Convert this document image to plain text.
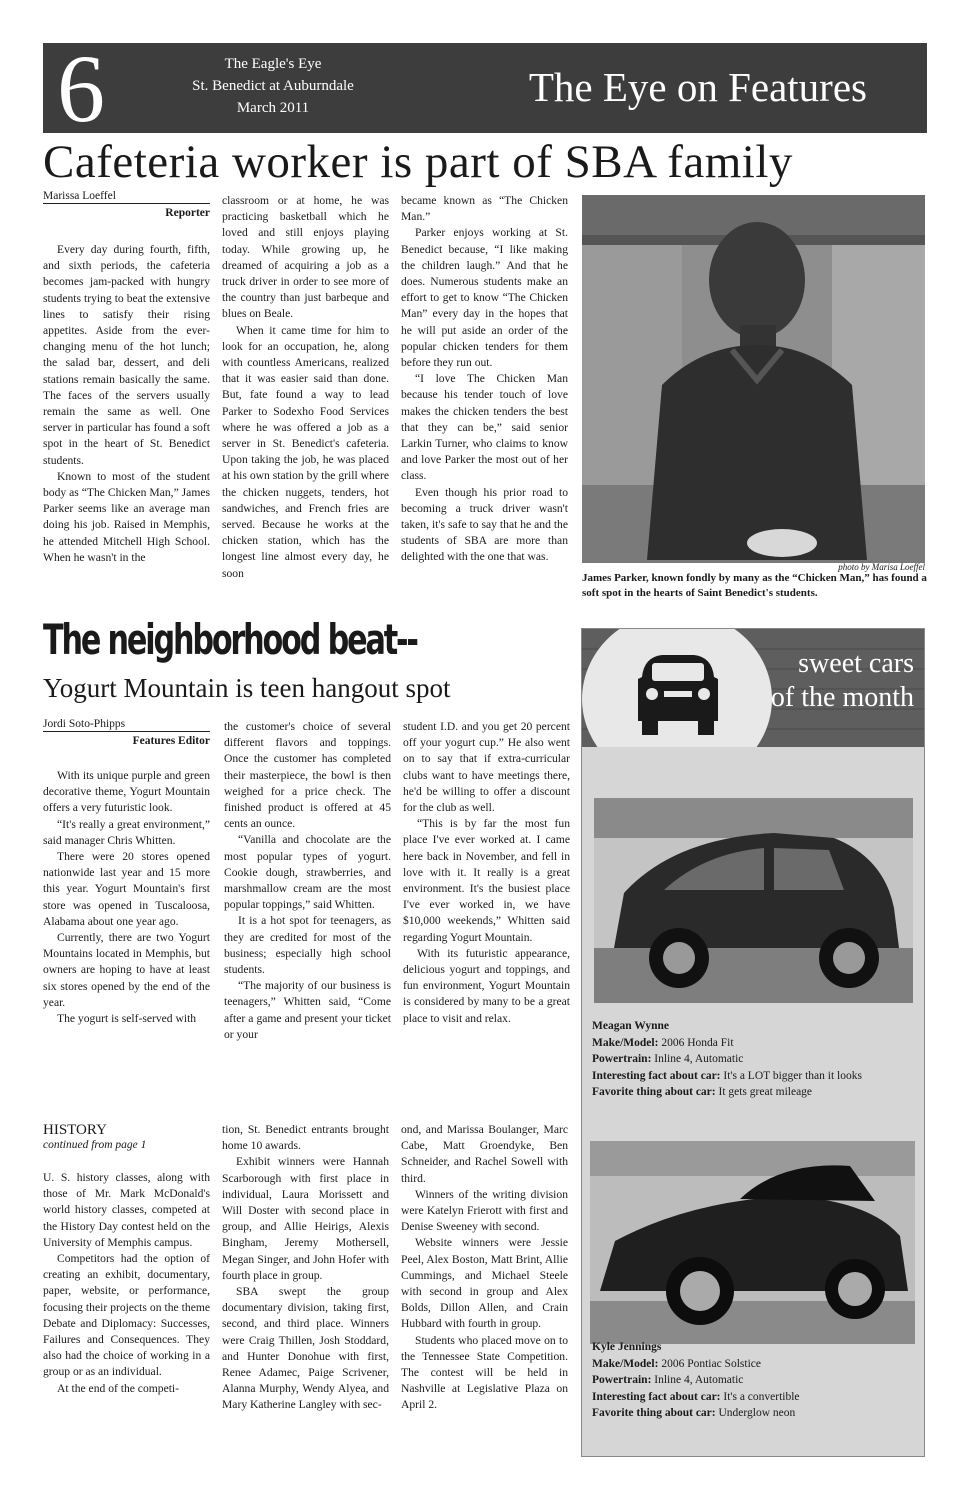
6	The Eagle's Eye
St. Benedict at Auburndale
March 2011	The Eye on Features
Cafeteria worker is part of SBA family
Marissa Loeffel
Reporter

Every day during fourth, fifth, and sixth periods, the cafeteria becomes jam-packed with hungry students trying to beat the extensive lines to satisfy their rising appetites. Aside from the ever-changing menu of the hot lunch; the salad bar, dessert, and deli stations remain basically the same. The faces of the servers usually remain the same as well. One server in particular has found a soft spot in the heart of St. Benedict students.

Known to most of the student body as “The Chicken Man,” James Parker seems like an average man doing his job. Raised in Memphis, he attended Mitchell High School. When he wasn't in the

classroom or at home, he was practicing basketball which he loved and still enjoys playing today. While growing up, he dreamed of acquiring a job as a truck driver in order to see more of the country than just barbeque and blues on Beale.

When it came time for him to look for an occupation, he, along with countless Americans, realized that it was easier said than done. But, fate found a way to lead Parker to Sodexho Food Services where he was offered a job as a server in St. Benedict's cafeteria. Upon taking the job, he was placed at his own station by the grill where the chicken nuggets, tenders, hot sandwiches, and French fries are served. Because he works at the chicken station, which has the longest line almost every day, he soon

became known as “The Chicken Man.”

Parker enjoys working at St. Benedict because, “I like making the children laugh.” And that he does. Numerous students make an effort to get to know “The Chicken Man” every day in the hopes that he will put aside an order of the popular chicken tenders for them before they run out.

“I love The Chicken Man because his tender touch of love makes the chicken tenders the best that they can be,” said senior Larkin Turner, who claims to know and love Parker the most out of her class.

Even though his prior road to becoming a truck driver wasn't taken, it's safe to say that he and the students of SBA are more than delighted with the one that was.

photo by Marisa Loeffel
James Parker, known fondly by many as the “Chicken Man,” has found a soft spot in the hearts of Saint Benedict's students.
The neighborhood beat--
Yogurt Mountain is teen hangout spot
Jordi Soto-Phipps
Features Editor

With its unique purple and green decorative theme, Yogurt Mountain offers a very futuristic look.

“It's really a great environment,” said manager Chris Whitten.

There were 20 stores opened nationwide last year and 15 more this year. Yogurt Mountain's first store was opened in Tuscaloosa, Alabama about one year ago.

Currently, there are two Yogurt Mountains located in Memphis, but owners are hoping to have at least six stores opened by the end of the year.

The yogurt is self-served with

the customer's choice of several different flavors and toppings. Once the customer has completed their masterpiece, the bowl is then weighed for a price check. The finished product is offered at 45 cents an ounce.

“Vanilla and chocolate are the most popular types of yogurt. Cookie dough, strawberries, and marshmallow cream are the most popular toppings,” said Whitten.

It is a hot spot for teenagers, as they are credited for most of the business; especially high school students.

“The majority of our business is teenagers,” Whitten said, “Come after a game and present your ticket or your

student I.D. and you get 20 percent off your yogurt cup.” He also went on to say that if extra-curricular clubs want to have meetings there, he'd be willing to offer a discount for the club as well.

“This is by far the most fun place I've ever worked at. I came here back in November, and fell in love with it. It really is a great environment. It's the busiest place I've ever worked in, we have $10,000 weekends,” Whitten said regarding Yogurt Mountain.

With its futuristic appearance, delicious yogurt and toppings, and fun environment, Yogurt Mountain is considered by many to be a great place to visit and relax.

sweet cars
of the month
Meagan Wynne
Make/Model: 2006 Honda Fit
Powertrain: Inline 4, Automatic
Interesting fact about car: It's a LOT bigger than it looks
Favorite thing about car: It gets great mileage
Kyle Jennings
Make/Model: 2006 Pontiac Solstice
Powertrain: Inline 4, Automatic
Interesting fact about car: It's a convertible
Favorite thing about car: Underglow neon
HISTORY
continued from page 1

U. S. history classes, along with those of Mr. Mark McDonald's world history classes, competed at the History Day contest held on the University of Memphis campus.

Competitors had the option of creating an exhibit, documentary, paper, website, or performance, focusing their projects on the theme Debate and Diplomacy: Successes, Failures and Consequences. They also had the choice of working in a group or as an individual.

At the end of the competi-

tion, St. Benedict entrants brought home 10 awards.

Exhibit winners were Hannah Scarborough with first place in individual, Laura Morissett and Will Doster with second place in group, and Allie Heirigs, Alexis Bingham, Jeremy Mothersell, Megan Singer, and John Hofer with fourth place in group.

SBA swept the group documentary division, taking first, second, and third place. Winners were Craig Thillen, Josh Stoddard, and Hunter Donohue with first, Renee Adamec, Paige Scrivener, Alanna Murphy, Wendy Alyea, and Mary Katherine Langley with sec-

ond, and Marissa Boulanger, Marc Cabe, Matt Groendyke, Ben Schneider, and Rachel Sowell with third.

Winners of the writing division were Katelyn Frierott with first and Denise Sweeney with second.

Website winners were Jessie Peel, Alex Boston, Matt Brint, Allie Cummings, and Michael Steele with second in group and Alex Bolds, Dillon Allen, and Crain Hubbard with fourth in group.

Students who placed move on to the Tennessee State Competition. The contest will be held in Nashville at Legislative Plaza on April 2.
